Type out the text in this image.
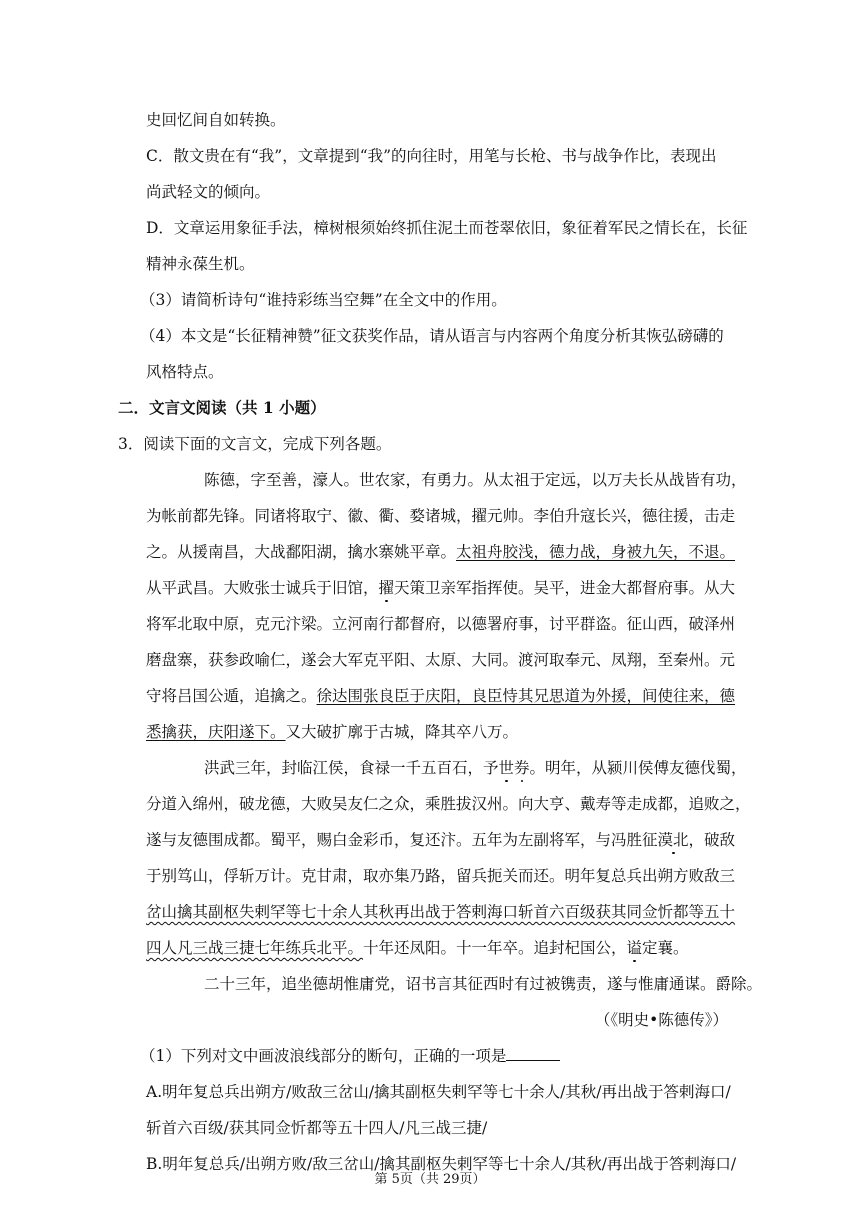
史回忆间自如转换。
C．散文贵在有“我”，文章提到“我”的向往时，用笔与长枪、书与战争作比，表现出
尚武轻文的倾向。
D．文章运用象征手法，樟树根须始终抓住泥土而苍翠依旧，象征着军民之情长在，长征
精神永葆生机。
（3）请简析诗句“谁持彩练当空舞”在全文中的作用。
（4）本文是“长征精神赞”征文获奖作品，请从语言与内容两个角度分析其恢弘磅礴的
风格特点。
二．文言文阅读（共 1 小题）
3．阅读下面的文言文，完成下列各题。
陈德，字至善，濠人。世农家，有勇力。从太祖于定远，以万夫长从战皆有功，
为帐前都先锋。同诸将取宁、徽、衢、婺诸城，擢元帅。李伯升寇长兴，德往援，击走
之。从援南昌，大战鄱阳湖，擒水寨姚平章。太祖舟胶浅，德力战，身被九矢，不退。
从平武昌。大败张士诚兵于旧馆，擢天策卫亲军指挥使。吴平，进金大都督府事。从大
将军北取中原，克元汴梁。立河南行都督府，以德署府事，讨平群盗。征山西，破泽州
磨盘寨，获参政喻仁，遂会大军克平阳、太原、大同。渡河取奉元、凤翔，至秦州。元
守将吕国公遁，追擒之。徐达围张良臣于庆阳，良臣恃其兄思道为外援，间使往来，德
悉擒获，庆阳遂下。又大破扩廓于古城，降其卒八万。
洪武三年，封临江侯，食禄一千五百石，予世券。明年，从颍川侯傅友德伐蜀，
分道入绵州，破龙德，大败吴友仁之众，乘胜拔汉州。向大亨、戴寿等走成都，追败之，
遂与友德围成都。蜀平，赐白金彩币，复还汴。五年为左副将军，与冯胜征漠北，破敌
于别笃山，俘斩万计。克甘肃，取亦集乃路，留兵扼关而还。明年复总兵出朔方败敌三
岔山擒其副枢失剌罕等七十余人其秋再出战于答剌海口斩首六百级获其同佥忻都等五十
四人凡三战三捷七年练兵北平。十年还凤阳。十一年卒。追封杞国公，谥定襄。
二十三年，追坐德胡惟庸党，诏书言其征西时有过被镌责，遂与惟庸通谋。爵除。
（《明史•陈德传》）
（1）下列对文中画波浪线部分的断句，正确的一项是
A.明年复总兵出朔方/败敌三岔山/擒其副枢失剌罕等七十余人/其秋/再出战于答剌海口/
斩首六百级/获其同佥忻都等五十四人/凡三战三捷/
B.明年复总兵/出朔方败/敌三岔山/擒其副枢失剌罕等七十余人/其秋/再出战于答剌海口/
第 5页（共 29页）
